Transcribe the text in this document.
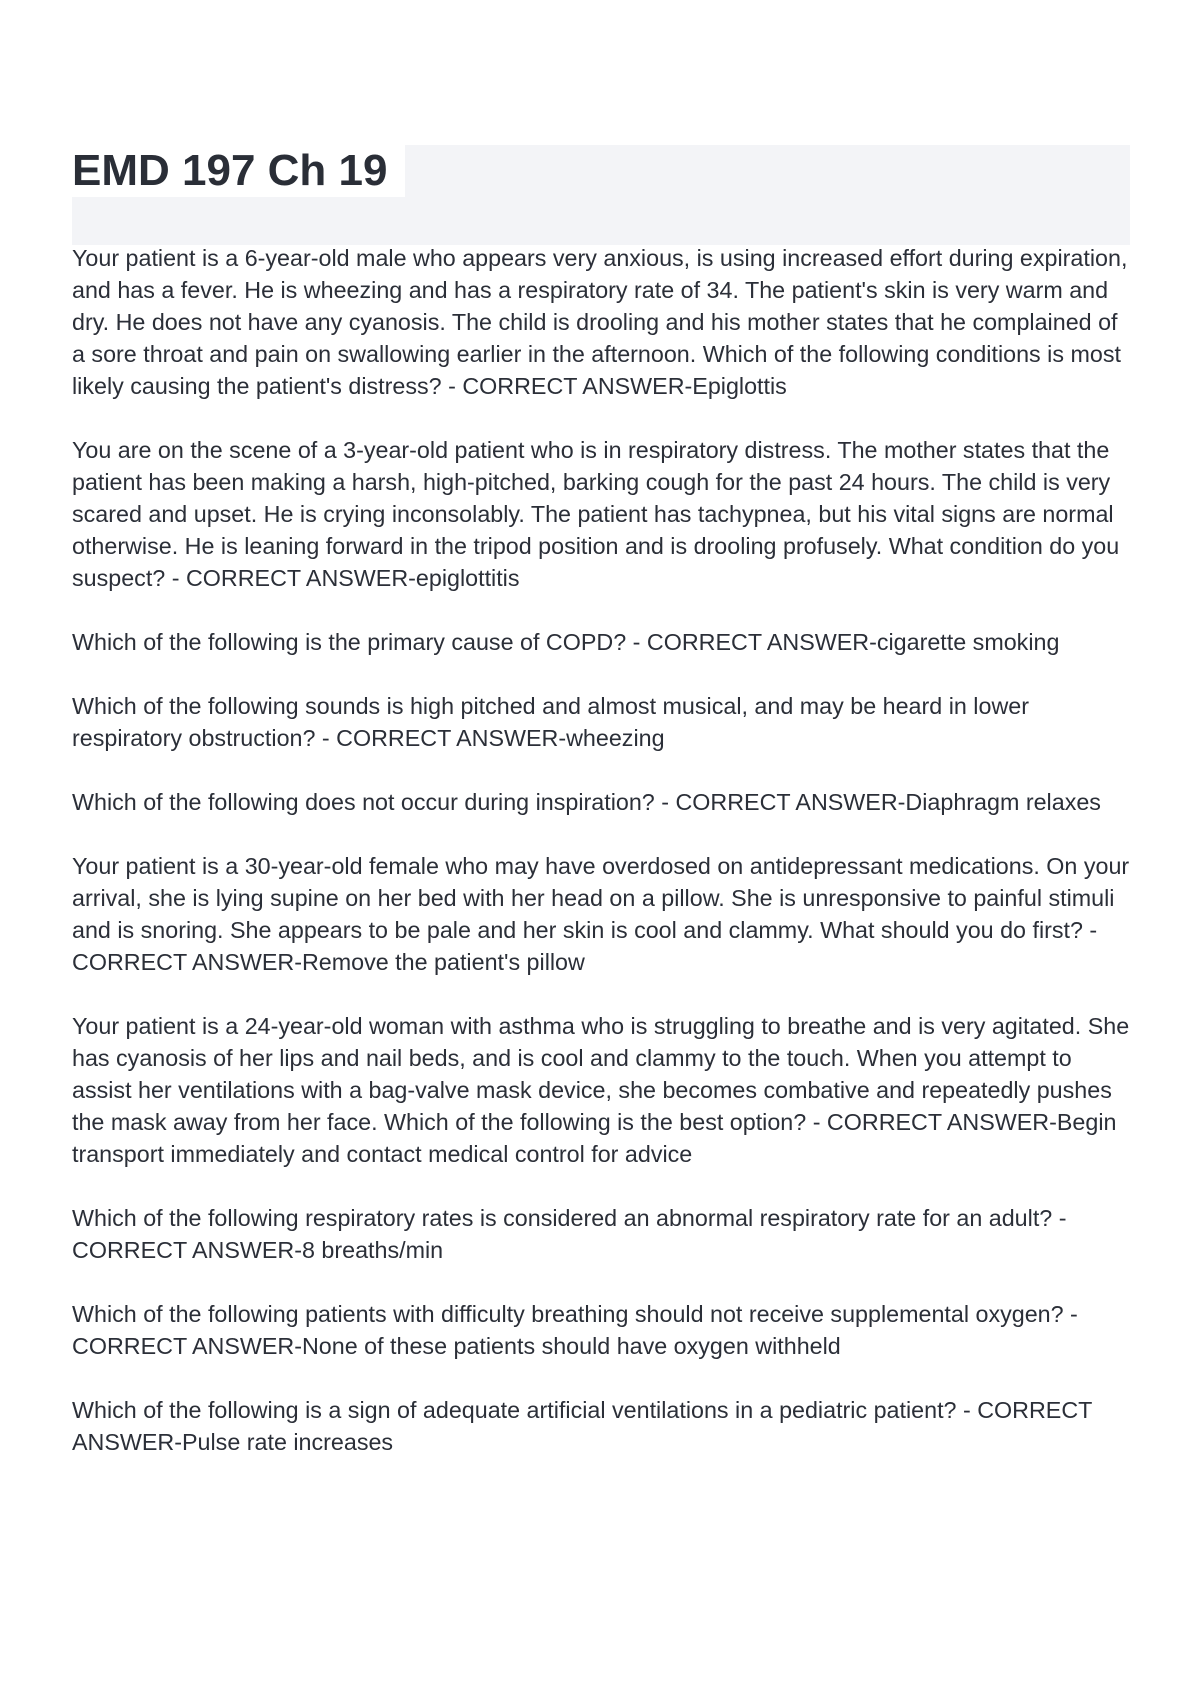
EMD 197 Ch 19
Your patient is a 6-year-old male who appears very anxious, is using increased effort during expiration, and has a fever. He is wheezing and has a respiratory rate of 34. The patient's skin is very warm and dry. He does not have any cyanosis. The child is drooling and his mother states that he complained of a sore throat and pain on swallowing earlier in the afternoon. Which of the following conditions is most likely causing the patient's distress? - CORRECT ANSWER-Epiglottis
You are on the scene of a 3-year-old patient who is in respiratory distress. The mother states that the patient has been making a harsh, high-pitched, barking cough for the past 24 hours. The child is very scared and upset. He is crying inconsolably. The patient has tachypnea, but his vital signs are normal otherwise. He is leaning forward in the tripod position and is drooling profusely. What condition do you suspect? - CORRECT ANSWER-epiglottitis
Which of the following is the primary cause of COPD? - CORRECT ANSWER-cigarette smoking
Which of the following sounds is high pitched and almost musical, and may be heard in lower respiratory obstruction? - CORRECT ANSWER-wheezing
Which of the following does not occur during inspiration? - CORRECT ANSWER-Diaphragm relaxes
Your patient is a 30-year-old female who may have overdosed on antidepressant medications. On your arrival, she is lying supine on her bed with her head on a pillow. She is unresponsive to painful stimuli and is snoring. She appears to be pale and her skin is cool and clammy. What should you do first? - CORRECT ANSWER-Remove the patient's pillow
Your patient is a 24-year-old woman with asthma who is struggling to breathe and is very agitated. She has cyanosis of her lips and nail beds, and is cool and clammy to the touch. When you attempt to assist her ventilations with a bag-valve mask device, she becomes combative and repeatedly pushes the mask away from her face. Which of the following is the best option? - CORRECT ANSWER-Begin transport immediately and contact medical control for advice
Which of the following respiratory rates is considered an abnormal respiratory rate for an adult? - CORRECT ANSWER-8 breaths/min
Which of the following patients with difficulty breathing should not receive supplemental oxygen? - CORRECT ANSWER-None of these patients should have oxygen withheld
Which of the following is a sign of adequate artificial ventilations in a pediatric patient? - CORRECT ANSWER-Pulse rate increases
